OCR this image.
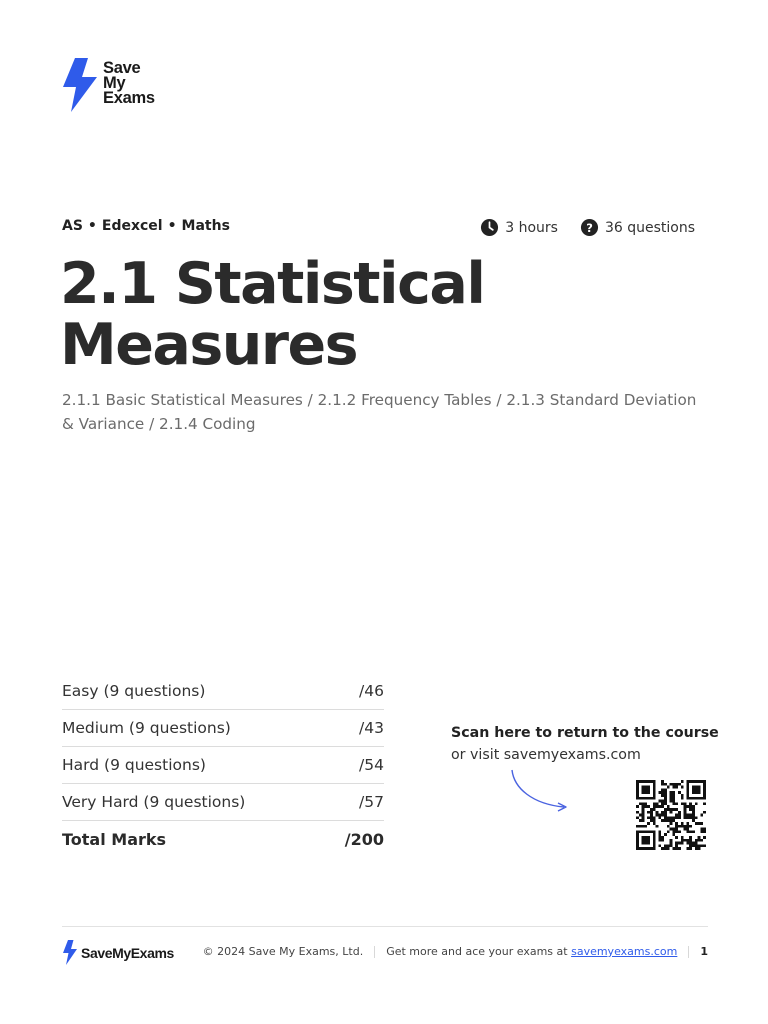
Save
My
Exams
AS • Edexcel • Maths	3 hours ? 36 questions
2.1 Statistical Measures
2.1.1 Basic Statistical Measures / 2.1.2 Frequency Tables / 2.1.3 Standard Deviation & Variance / 2.1.4 Coding
Easy (9 questions)	/46
Medium (9 questions)	/43
Hard (9 questions)	/54
Very Hard (9 questions)	/57
Total Marks	/200
Scan here to return to the course
or visit savemyexams.com
SaveMyExams	© 2024 Save My Exams, Ltd. Get more and ace your exams at savemyexams.com 1
